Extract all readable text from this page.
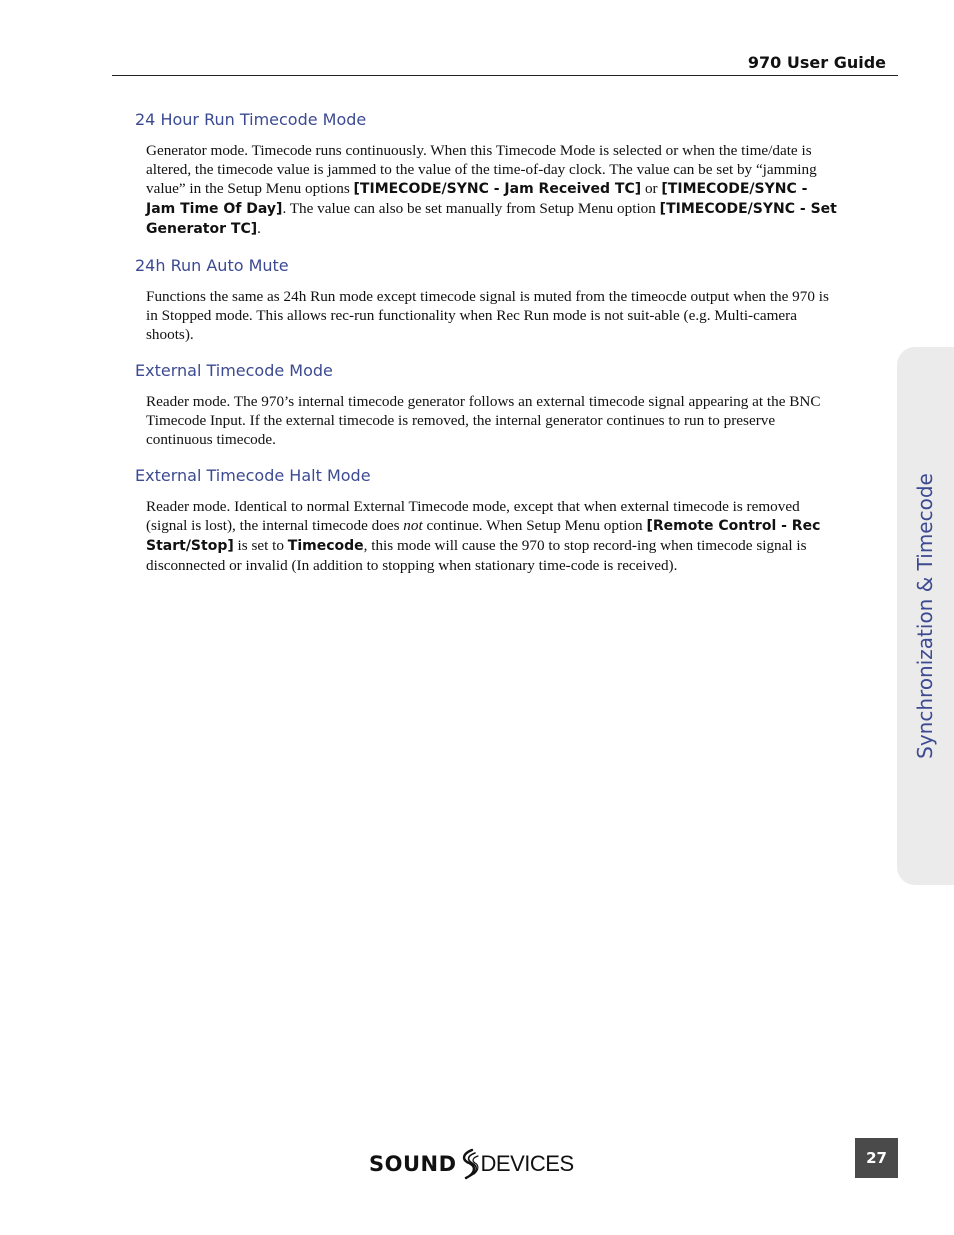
970 User Guide
24 Hour Run Timecode Mode

Generator mode. Timecode runs continuously. When this Timecode Mode is selected or when the time/date is altered, the timecode value is jammed to the value of the time-of-day clock. The value can be set by “jamming value” in the Setup Menu options [TIMECODE/SYNC - Jam Received TC] or [TIMECODE/SYNC - Jam Time Of Day]. The value can also be set manually from Setup Menu option [TIMECODE/SYNC - Set Generator TC].

24h Run Auto Mute

Functions the same as 24h Run mode except timecode signal is muted from the timeocde output when the 970 is in Stopped mode. This allows rec-run functionality when Rec Run mode is not suit-able (e.g. Multi-camera shoots).

External Timecode Mode

Reader mode. The 970’s internal timecode generator follows an external timecode signal appearing at the BNC Timecode Input. If the external timecode is removed, the internal generator continues to run to preserve continuous timecode.

External Timecode Halt Mode

Reader mode. Identical to normal External Timecode mode, except that when external timecode is removed (signal is lost), the internal timecode does not continue. When Setup Menu option [Remote Control - Rec Start/Stop] is set to Timecode, this mode will cause the 970 to stop record-ing when timecode signal is disconnected or invalid (In addition to stopping when stationary time-code is received).	Synchronization & Timecode
SOUND DEVICES	27
